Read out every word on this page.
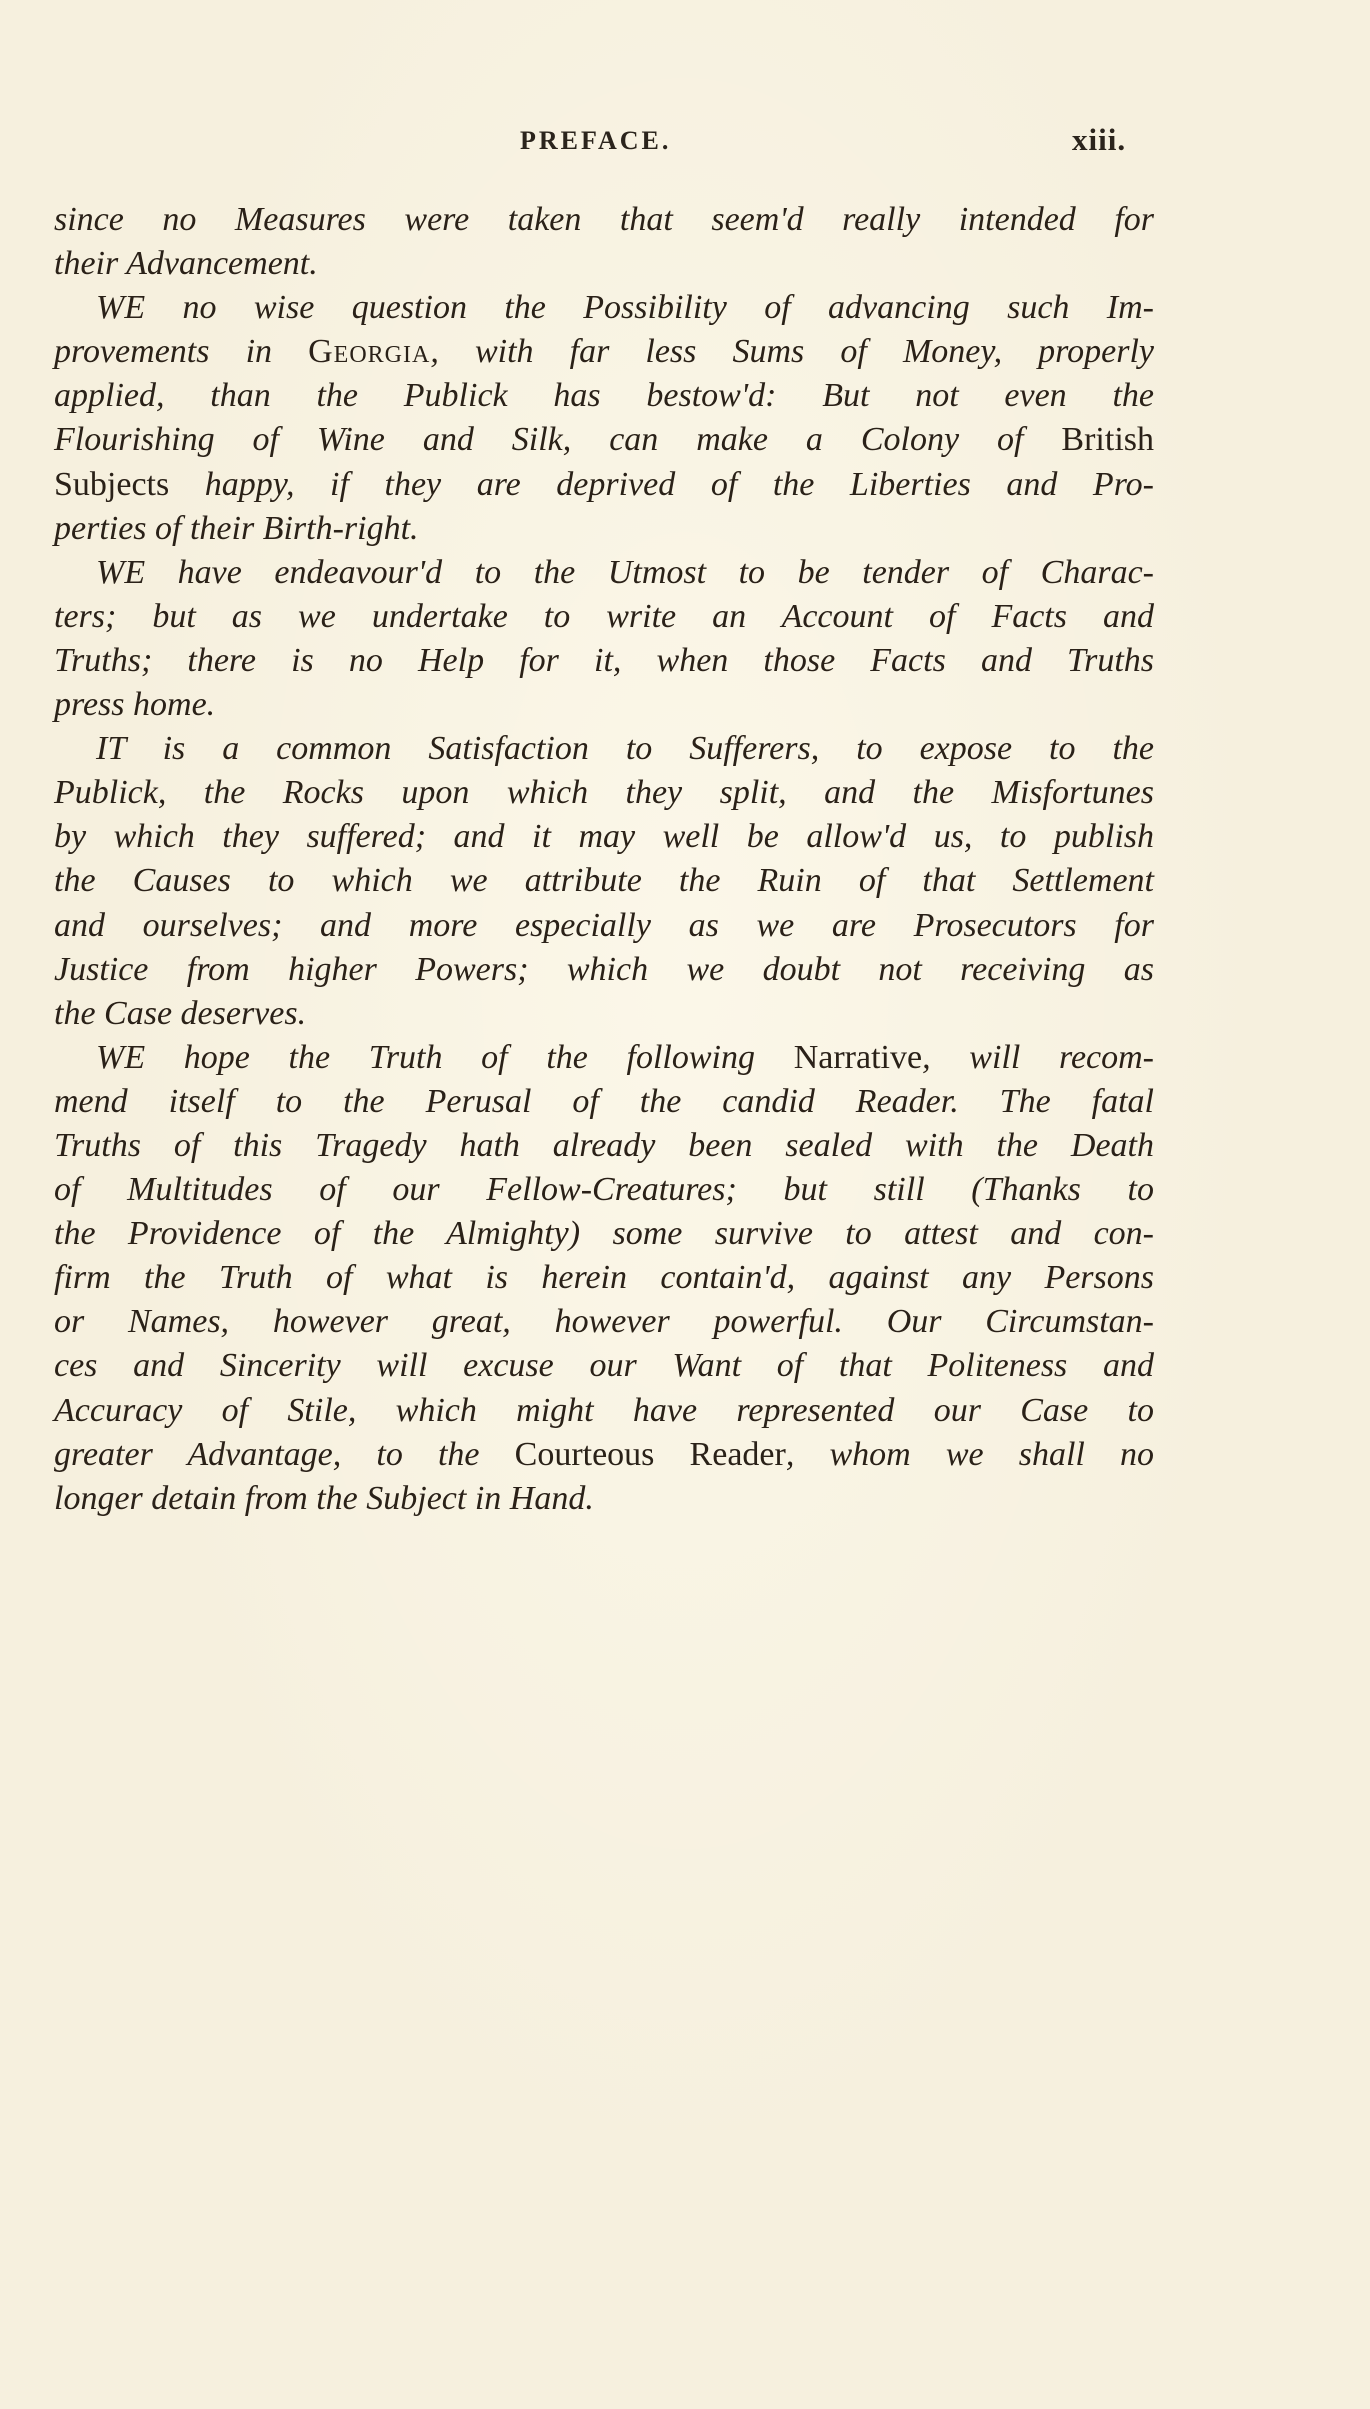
PREFACE.	xiii.
since no Measures were taken that seem'd really intended for
their Advancement.
WE no wise question the Possibility of advancing such Im-
provements in Georgia, with far less Sums of Money, properly
applied, than the Publick has bestow'd: But not even the
Flourishing of Wine and Silk, can make a Colony of British
Subjects happy, if they are deprived of the Liberties and Pro-
perties of their Birth-right.
WE have endeavour'd to the Utmost to be tender of Charac-
ters; but as we undertake to write an Account of Facts and
Truths; there is no Help for it, when those Facts and Truths
press home.
IT is a common Satisfaction to Sufferers, to expose to the
Publick, the Rocks upon which they split, and the Misfortunes
by which they suffered; and it may well be allow'd us, to publish
the Causes to which we attribute the Ruin of that Settlement
and ourselves; and more especially as we are Prosecutors for
Justice from higher Powers; which we doubt not receiving as
the Case deserves.
WE hope the Truth of the following Narrative, will recom-
mend itself to the Perusal of the candid Reader. The fatal
Truths of this Tragedy hath already been sealed with the Death
of Multitudes of our Fellow-Creatures; but still (Thanks to
the Providence of the Almighty) some survive to attest and con-
firm the Truth of what is herein contain'd, against any Persons
or Names, however great, however powerful. Our Circumstan-
ces and Sincerity will excuse our Want of that Politeness and
Accuracy of Stile, which might have represented our Case to
greater Advantage, to the Courteous Reader, whom we shall no
longer detain from the Subject in Hand.
